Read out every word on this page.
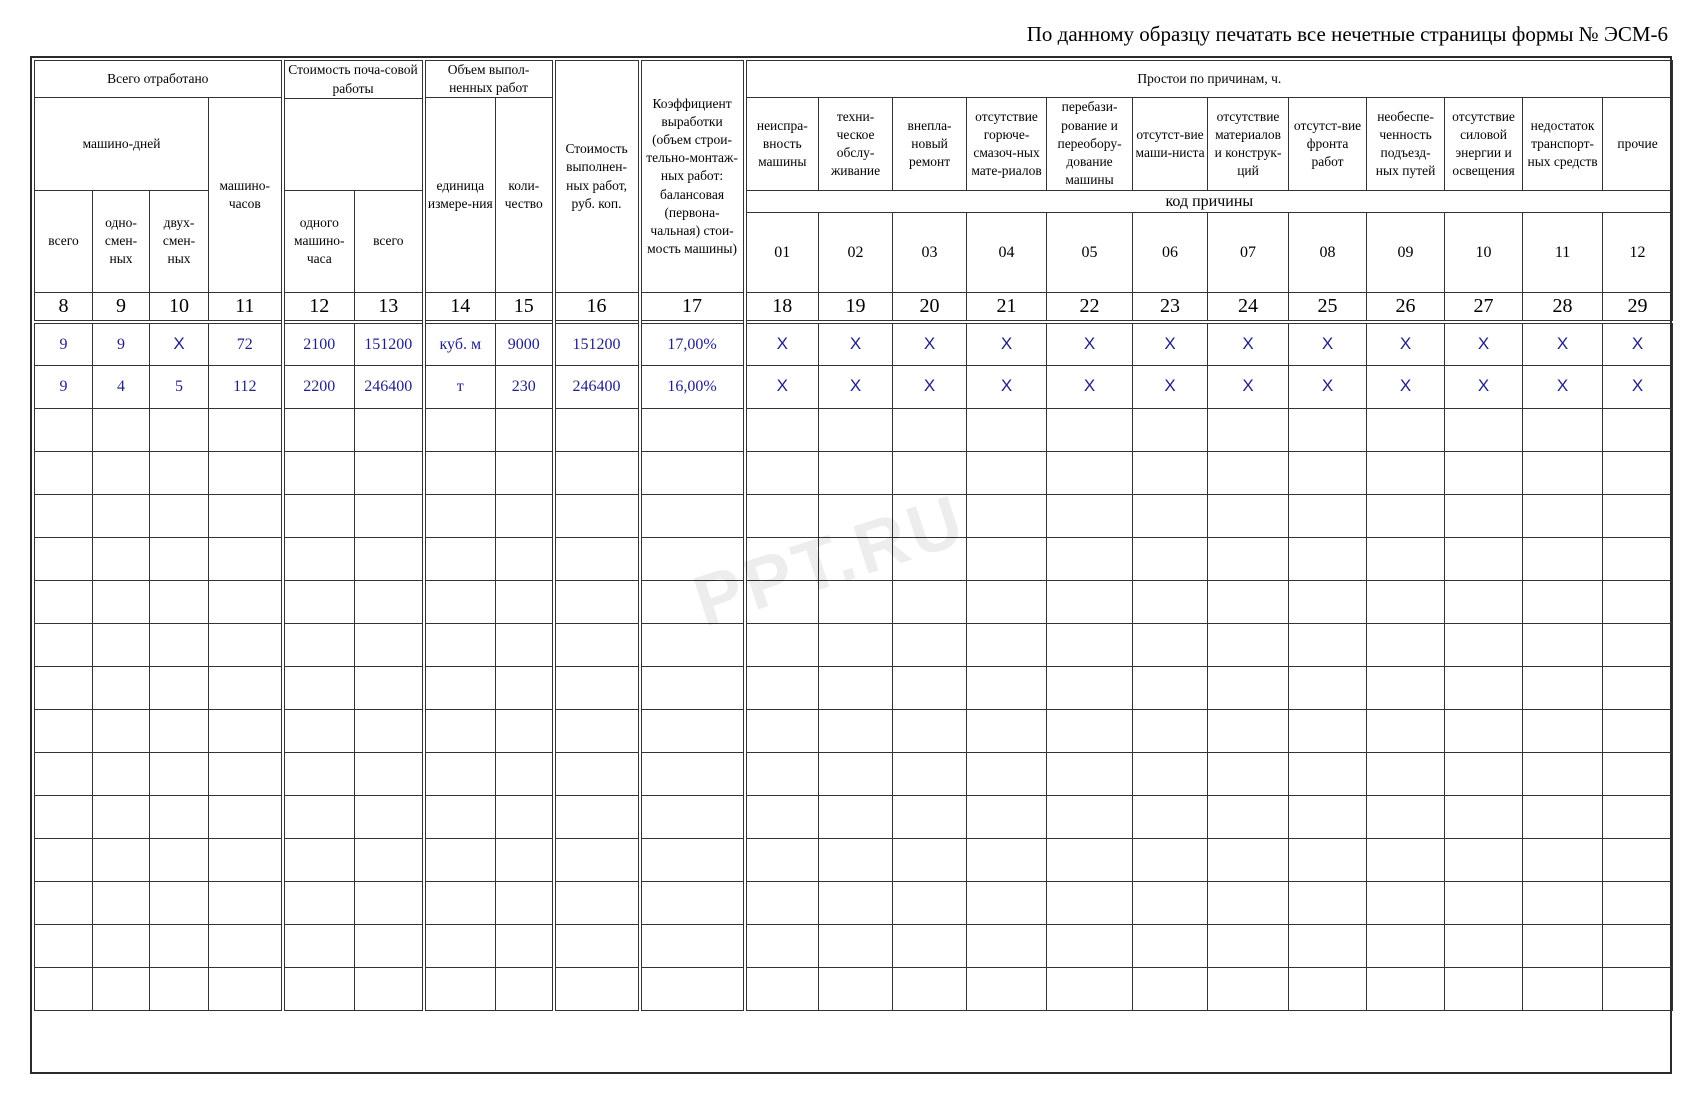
По данному образцу печатать все нечетные страницы формы № ЭСМ-6
Всего отработано				Стоимость поча-совой работы		Объем выпол-ненных работ		Стоимость выполнен-ных работ, руб. коп.	Коэффициент выработки (объем строи-тельно-монтаж-ных работ: балансовая (первона-чальная) стои-мость машины)	Простои по причинам, ч.											
машино-дней			машино-часов			единица измере-ния	коли-чество			неиспра-вность машины	техни-ческое обслу-живание	внепла-новый ремонт	отсутствие горюче-смазоч-ных мате-риалов	перебази-рование и переобору-дование машины	отсутст-вие маши-ниста	отсутствие материалов и конструк-ций	отсутст-вие фронта работ	необеспе-ченность подъезд-ных путей	отсутствие силовой энергии и освещения	недостаток транспорт-ных средств	прочие
всего	одно-смен-ных	двух-смен-ных		одного машино-часа	всего					код причины											
										01	02	03	04	05	06	07	08	09	10	11	12
8	9	10	11	12	13	14	15	16	17	18	19	20	21	22	23	24	25	26	27	28	29
9	9	X	72	2100	151200	куб. м	9000	151200	17,00%	X	X	X	X	X	X	X	X	X	X	X	X
9	4	5	112	2200	246400	т	230	246400	16,00%	X	X	X	X	X	X	X	X	X	X	X	X

PPT.RU
